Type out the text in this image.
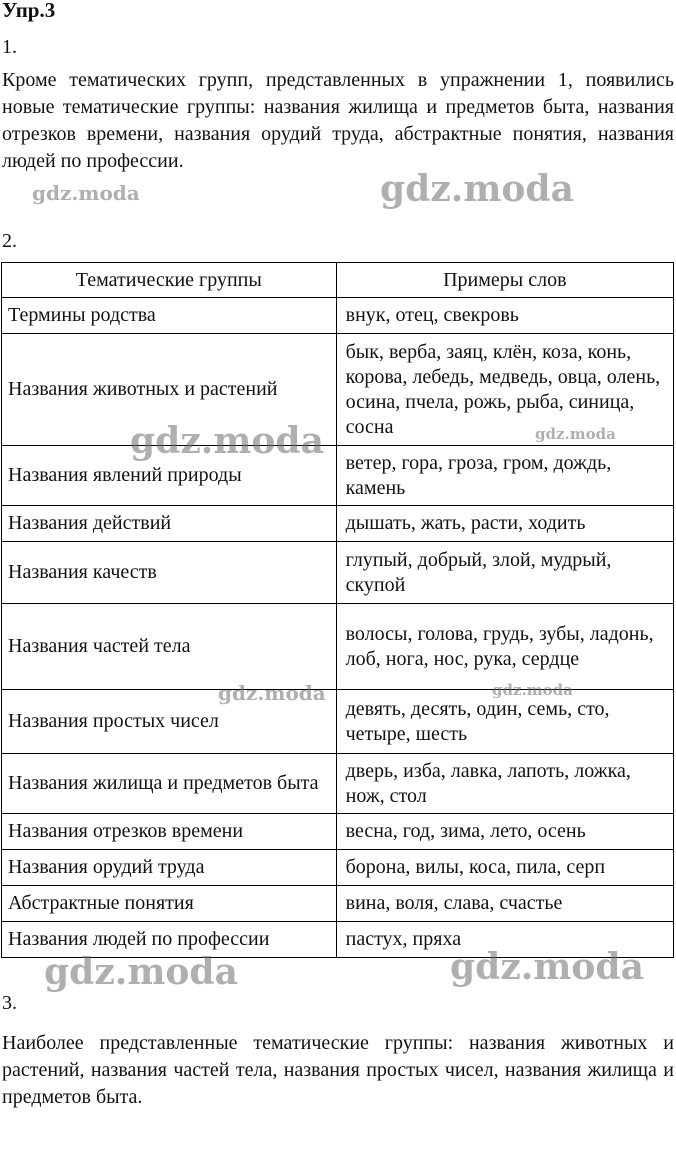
Упр.3
1.

Кроме тематических групп, представленных в упражнении 1, появились новые тематические группы: названия жилища и предметов быта, названия отрезков времени, названия орудий труда, абстрактные понятия, названия людей по профессии.

2.
Тематические группы	Примеры слов
Термины родства	внук, отец, свекровь
Названия животных и растений	бык, верба, заяц, клён, коза, конь, корова, лебедь, медведь, овца, олень, осина, пчела, рожь, рыба, синица, сосна
Названия явлений природы	ветер, гора, гроза, гром, дождь, камень
Названия действий	дышать, жать, расти, ходить
Названия качеств	глупый, добрый, злой, мудрый, скупой
Названия частей тела	волосы, голова, грудь, зубы, ладонь, лоб, нога, нос, рука, сердце
Названия простых чисел	девять, десять, один, семь, сто, четыре, шесть
Названия жилища и предметов быта	дверь, изба, лавка, лапоть, ложка, нож, стол
Названия отрезков времени	весна, год, зима, лето, осень
Названия орудий труда	борона, вилы, коса, пила, серп
Абстрактные понятия	вина, воля, слава, счастье
Названия людей по профессии	пастух, пряха
3.

Наиболее представленные тематические группы: названия животных и растений, названия частей тела, названия простых чисел, названия жилища и предметов быта.

gdz.moda	gdz.moda
gdz.moda	gdz.moda
gdz.moda	gdz.moda
gdz.moda	gdz.moda
